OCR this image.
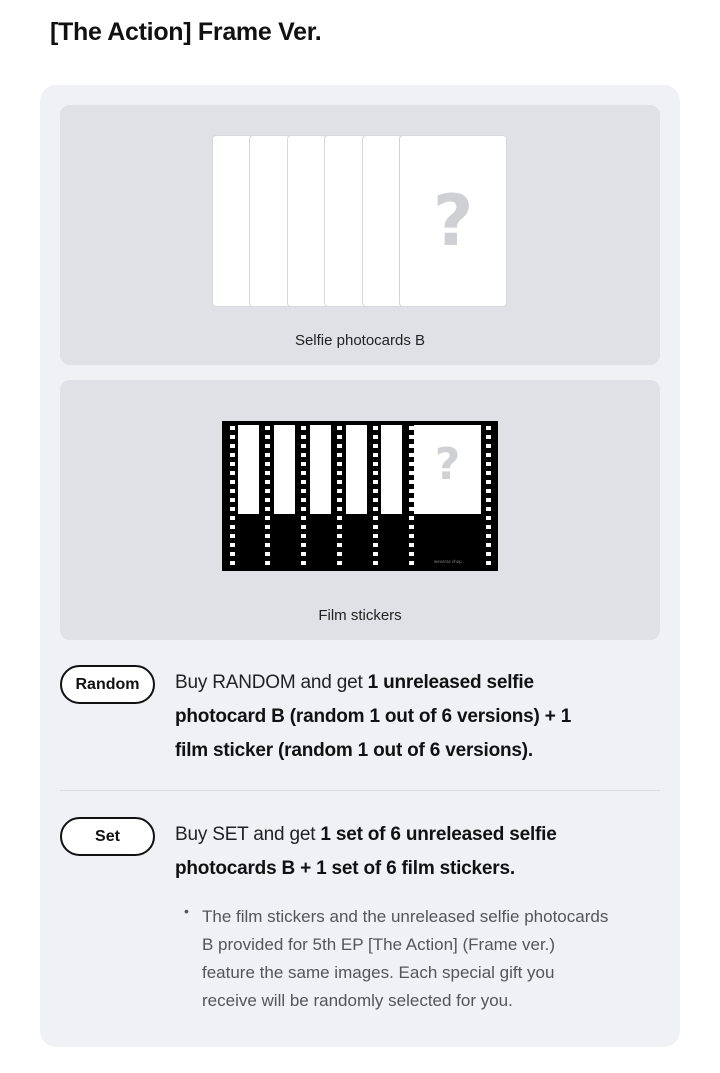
[The Action] Frame Ver.
?
Selfie photocards B
?
weverse shop
Film stickers
Random	Buy RANDOM and get 1 unreleased selfie photocard B (random 1 out of 6 versions) + 1 film sticker (random 1 out of 6 versions).
Set	Buy SET and get 1 set of 6 unreleased selfie photocards B + 1 set of 6 film stickers.
• The film stickers and the unreleased selfie photocards B provided for 5th EP [The Action] (Frame ver.) feature the same images. Each special gift you receive will be randomly selected for you.
